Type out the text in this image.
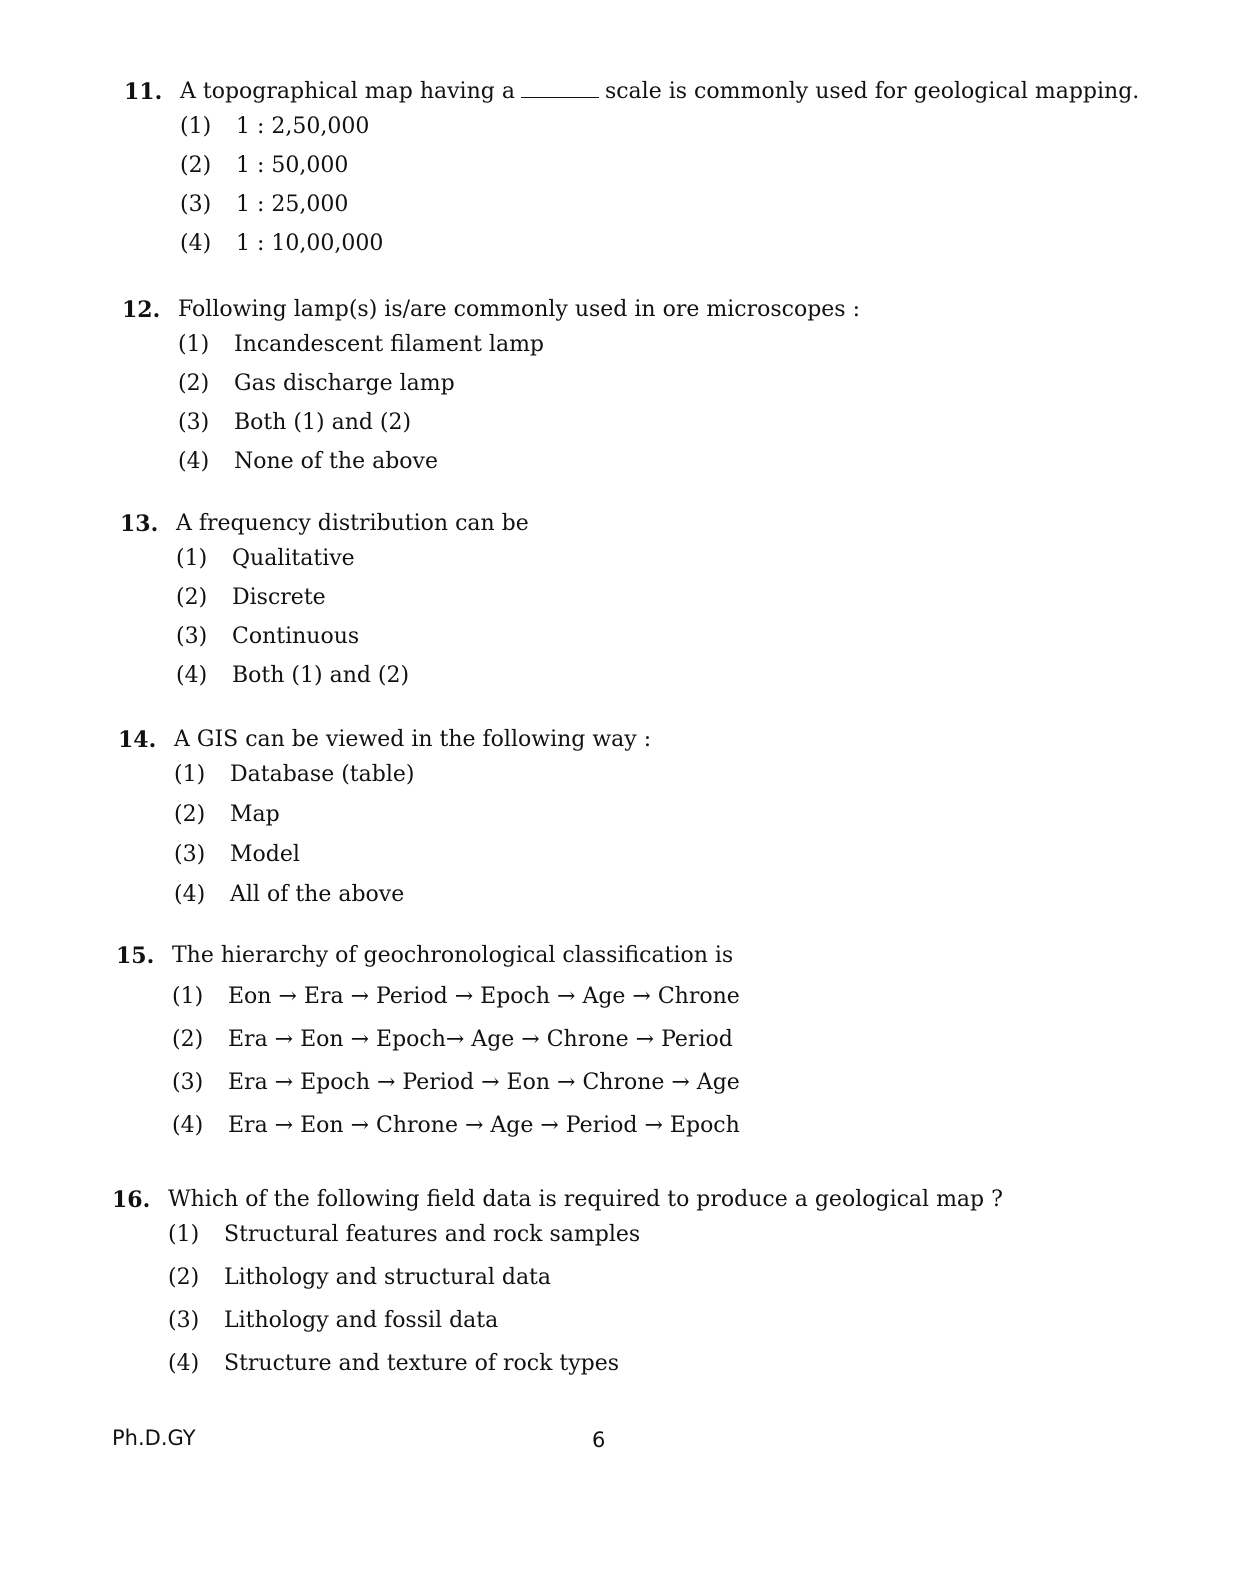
11. A topographical map having a	scale is commonly used for geological mapping.
(1) 1 : 2,50,000
(2) 1 : 50,000
(3) 1 : 25,000
(4) 1 : 10,00,000
12. Following lamp(s) is/are commonly used in ore microscopes :
(1) Incandescent filament lamp
(2) Gas discharge lamp
(3) Both (1) and (2)
(4) None of the above
13. A frequency distribution can be
(1) Qualitative
(2) Discrete
(3) Continuous
(4) Both (1) and (2)
14. A GIS can be viewed in the following way :
(1) Database (table)
(2) Map
(3) Model
(4) All of the above
15. The hierarchy of geochronological classification is
(1) Eon → Era → Period → Epoch → Age → Chrone
(2) Era → Eon → Epoch→ Age → Chrone → Period
(3) Era → Epoch → Period → Eon → Chrone → Age
(4) Era → Eon → Chrone → Age → Period → Epoch
16. Which of the following field data is required to produce a geological map ?
(1) Structural features and rock samples
(2) Lithology and structural data
(3) Lithology and fossil data
(4) Structure and texture of rock types
Ph.D.GY	6
